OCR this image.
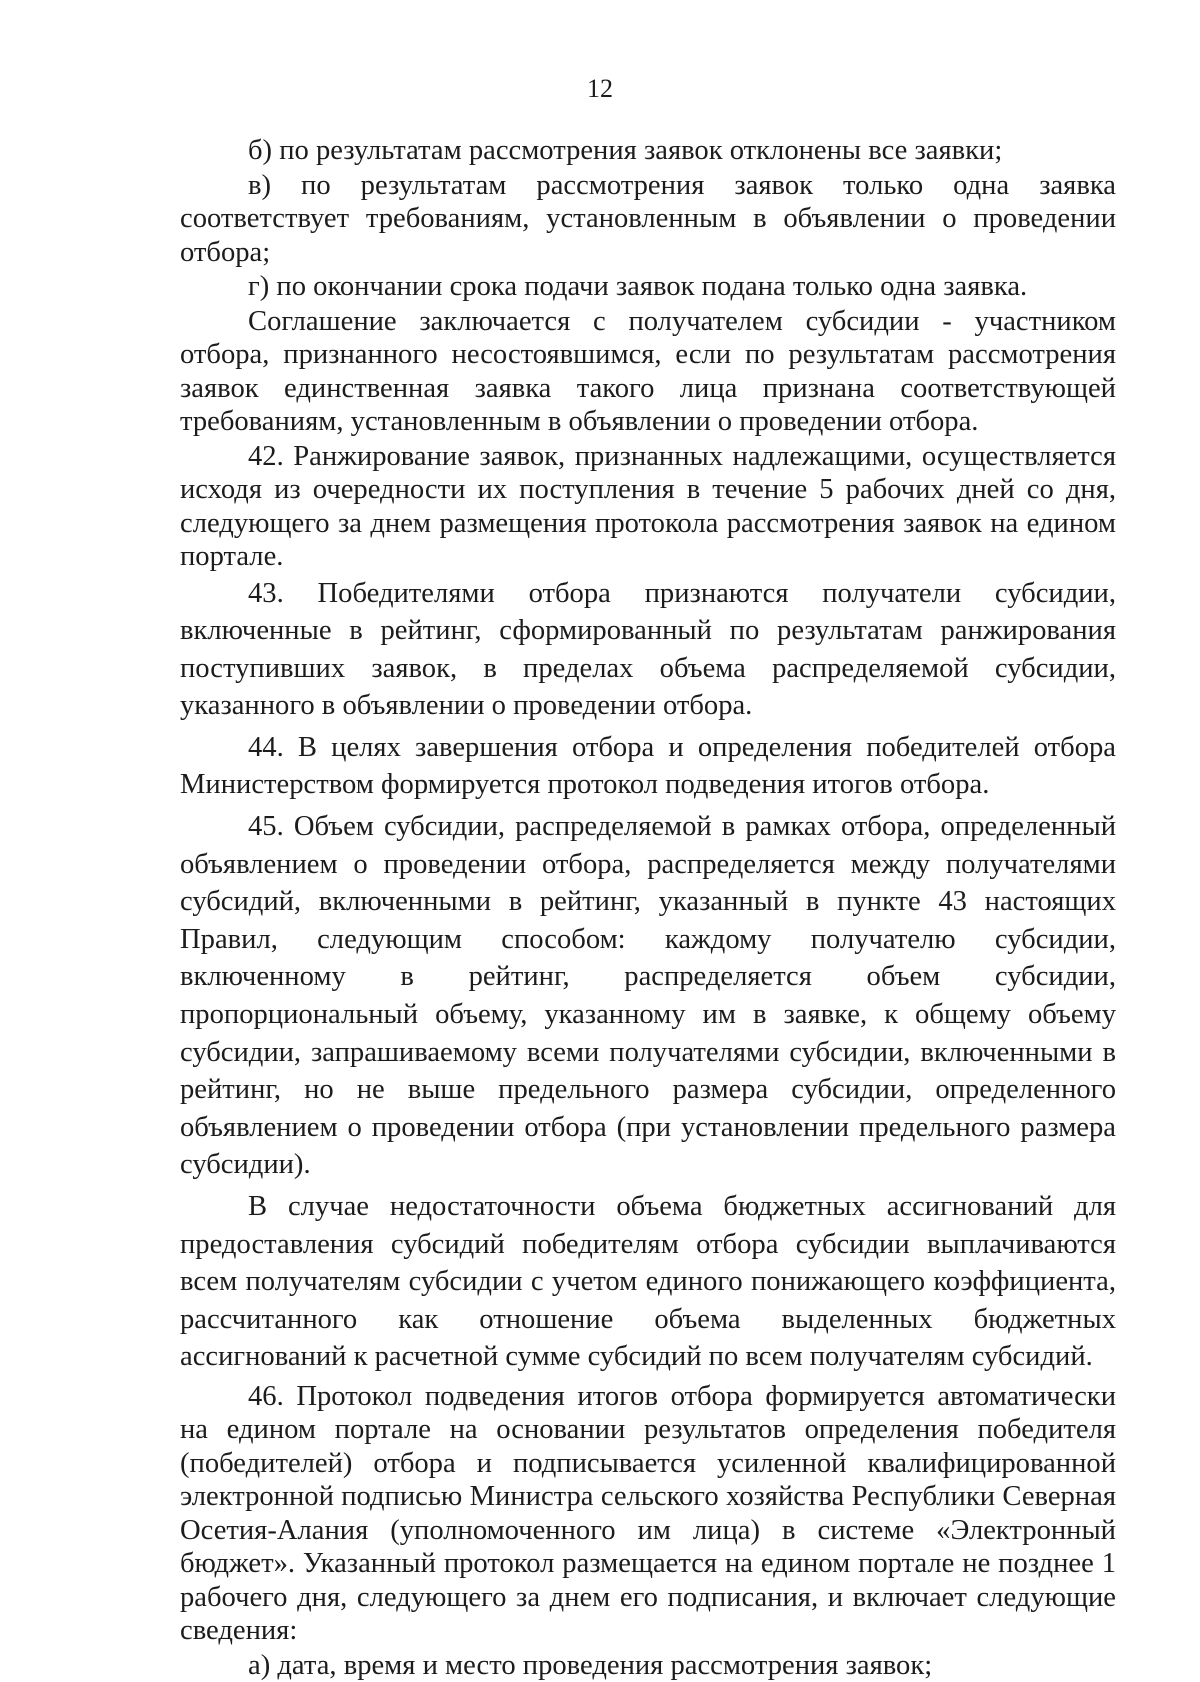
12

б) по результатам рассмотрения заявок отклонены все заявки;

в) по результатам рассмотрения заявок только одна заявка соответствует требованиям, установленным в объявлении о проведении отбора;

г) по окончании срока подачи заявок подана только одна заявка.

Соглашение заключается с получателем субсидии - участником отбора, признанного несостоявшимся, если по результатам рассмотрения заявок единственная заявка такого лица признана соответствующей требованиям, установленным в объявлении о проведении отбора.

42. Ранжирование заявок, признанных надлежащими, осуществляется исходя из очередности их поступления в течение 5 рабочих дней со дня, следующего за днем размещения протокола рассмотрения заявок на едином портале.

43. Победителями отбора признаются получатели субсидии, включенные в рейтинг, сформированный по результатам ранжирования поступивших заявок, в пределах объема распределяемой субсидии, указанного в объявлении о проведении отбора.

44. В целях завершения отбора и определения победителей отбора Министерством формируется протокол подведения итогов отбора.

45. Объем субсидии, распределяемой в рамках отбора, определенный объявлением о проведении отбора, распределяется между получателями субсидий, включенными в рейтинг, указанный в пункте 43 настоящих Правил, следующим способом: каждому получателю субсидии, включенному в рейтинг, распределяется объем субсидии, пропорциональный объему, указанному им в заявке, к общему объему субсидии, запрашиваемому всеми получателями субсидии, включенными в рейтинг, но не выше предельного размера субсидии, определенного объявлением о проведении отбора (при установлении предельного размера субсидии).

В случае недостаточности объема бюджетных ассигнований для предоставления субсидий победителям отбора субсидии выплачиваются всем получателям субсидии с учетом единого понижающего коэффициента, рассчитанного как отношение объема выделенных бюджетных ассигнований к расчетной сумме субсидий по всем получателям субсидий.

46. Протокол подведения итогов отбора формируется автоматически на едином портале на основании результатов определения победителя (победителей) отбора и подписывается усиленной квалифицированной электронной подписью Министра сельского хозяйства Республики Северная Осетия-Алания (уполномоченного им лица) в системе «Электронный бюджет». Указанный протокол размещается на едином портале не позднее 1 рабочего дня, следующего за днем его подписания, и включает следующие сведения:

а) дата, время и место проведения рассмотрения заявок;
